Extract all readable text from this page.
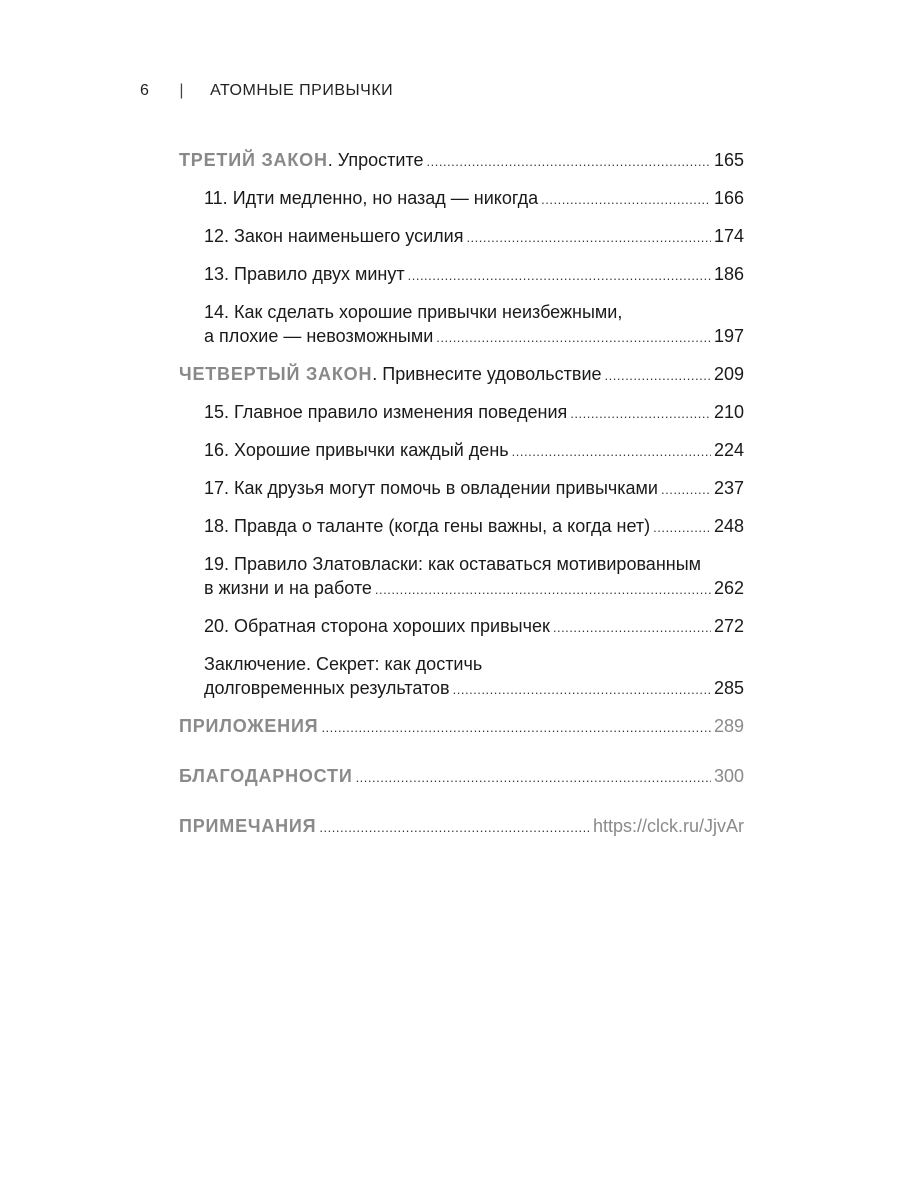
6 | АТОМНЫЕ ПРИВЫЧКИ
ТРЕТИЙ ЗАКОН. Упростите .....	165
11. Идти медленно, но назад — никогда .....	166
12. Закон наименьшего усилия .....	174
13. Правило двух минут .....	186
14. Как сделать хорошие привычки неизбежными,
а плохие — невозможными .....	197
ЧЕТВЕРТЫЙ ЗАКОН. Привнесите удовольствие .....	209
15. Главное правило изменения поведения .....	210
16. Хорошие привычки каждый день .....	224
17. Как друзья могут помочь в овладении привычками .....	237
18. Правда о таланте (когда гены важны, а когда нет) .....	248
19. Правило Златовласки: как оставаться мотивированным
в жизни и на работе .....	262
20. Обратная сторона хороших привычек .....	272
Заключение. Секрет: как достичь
долговременных результатов .....	285
ПРИЛОЖЕНИЯ .....	289
БЛАГОДАРНОСТИ .....	300
ПРИМЕЧАНИЯ .....	https://clck.ru/JjvAr
